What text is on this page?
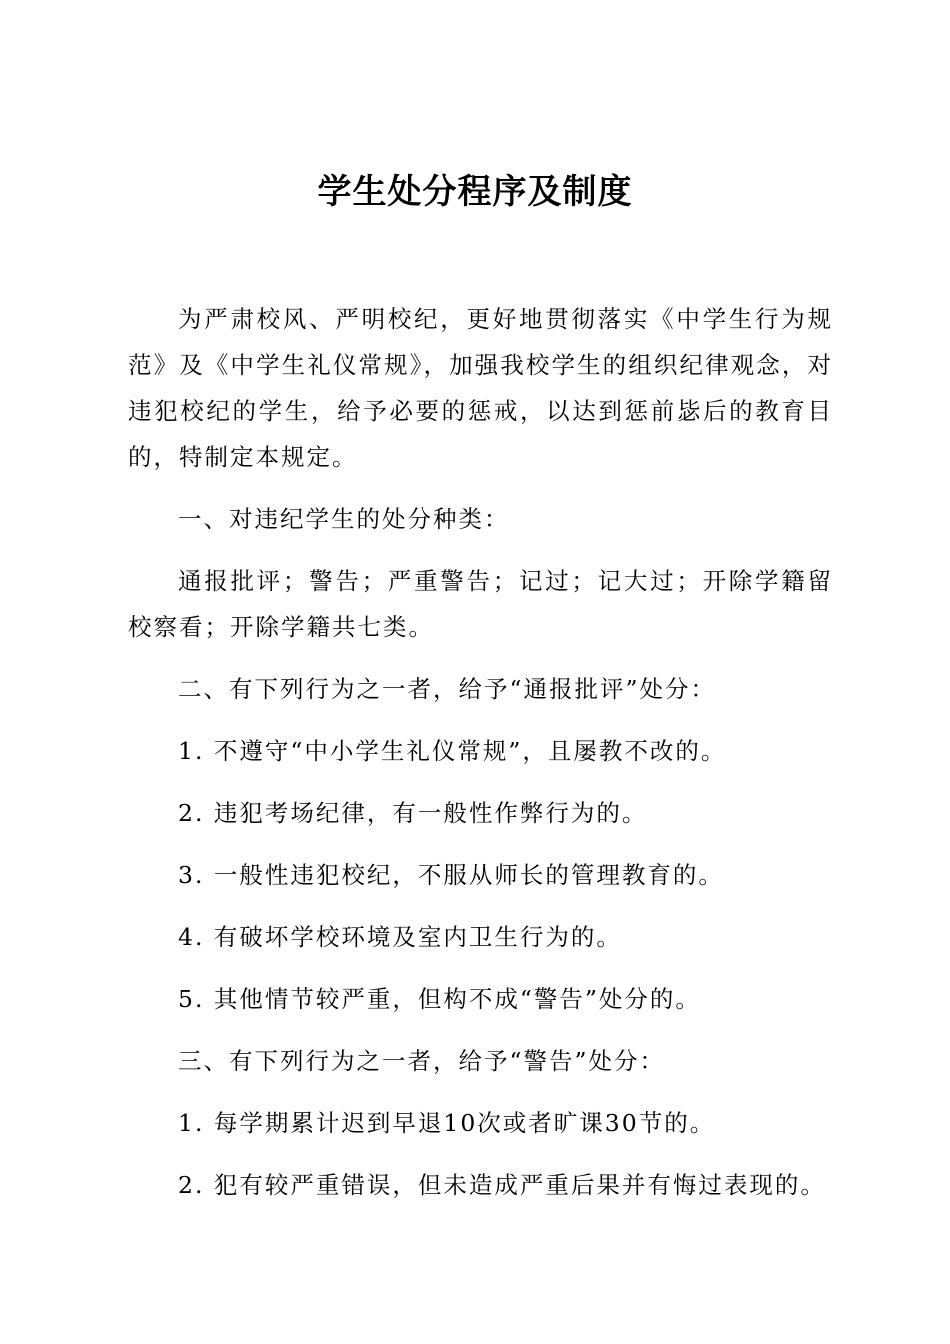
学生处分程序及制度

为严肃校风、严明校纪，更好地贯彻落实《中学生行为规范》及《中学生礼仪常规》，加强我校学生的组织纪律观念，对违犯校纪的学生，给予必要的惩戒，以达到惩前毖后的教育目的，特制定本规定。

一、对违纪学生的处分种类：

通报批评；警告；严重警告；记过；记大过；开除学籍留校察看；开除学籍共七类。

二、有下列行为之一者，给予“通报批评”处分：

1. 不遵守“中小学生礼仪常规”，且屡教不改的。

2. 违犯考场纪律，有一般性作弊行为的。

3. 一般性违犯校纪，不服从师长的管理教育的。

4. 有破坏学校环境及室内卫生行为的。

5. 其他情节较严重，但构不成“警告”处分的。

三、有下列行为之一者，给予“警告”处分：

1. 每学期累计迟到早退10次或者旷课30节的。

2. 犯有较严重错误，但未造成严重后果并有悔过表现的。
